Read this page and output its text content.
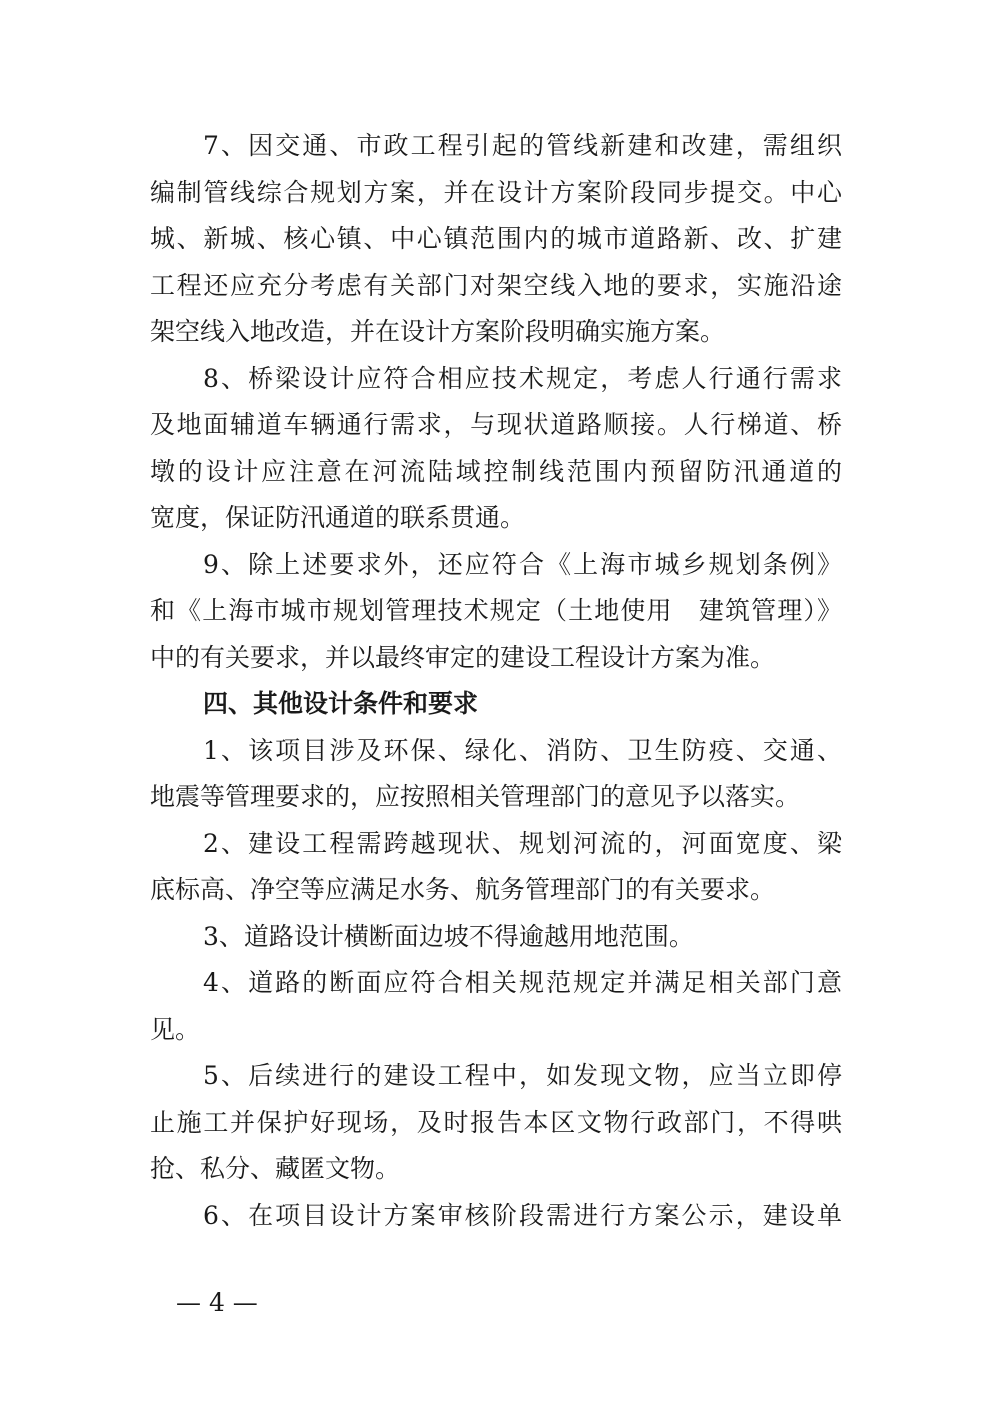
7、因交通、市政工程引起的管线新建和改建，需组织
编制管线综合规划方案，并在设计方案阶段同步提交。中心
城、新城、核心镇、中心镇范围内的城市道路新、改、扩建
工程还应充分考虑有关部门对架空线入地的要求，实施沿途
架空线入地改造，并在设计方案阶段明确实施方案。
8、桥梁设计应符合相应技术规定，考虑人行通行需求
及地面辅道车辆通行需求，与现状道路顺接。人行梯道、桥
墩的设计应注意在河流陆域控制线范围内预留防汛通道的
宽度，保证防汛通道的联系贯通。
9、除上述要求外，还应符合《上海市城乡规划条例》
和《上海市城市规划管理技术规定（土地使用　建筑管理）》
中的有关要求，并以最终审定的建设工程设计方案为准。
四、其他设计条件和要求
1、该项目涉及环保、绿化、消防、卫生防疫、交通、
地震等管理要求的，应按照相关管理部门的意见予以落实。
2、建设工程需跨越现状、规划河流的，河面宽度、梁
底标高、净空等应满足水务、航务管理部门的有关要求。
3、道路设计横断面边坡不得逾越用地范围。
4、道路的断面应符合相关规范规定并满足相关部门意
见。
5、后续进行的建设工程中，如发现文物，应当立即停
止施工并保护好现场，及时报告本区文物行政部门，不得哄
抢、私分、藏匿文物。
6、在项目设计方案审核阶段需进行方案公示，建设单
— 4 —
